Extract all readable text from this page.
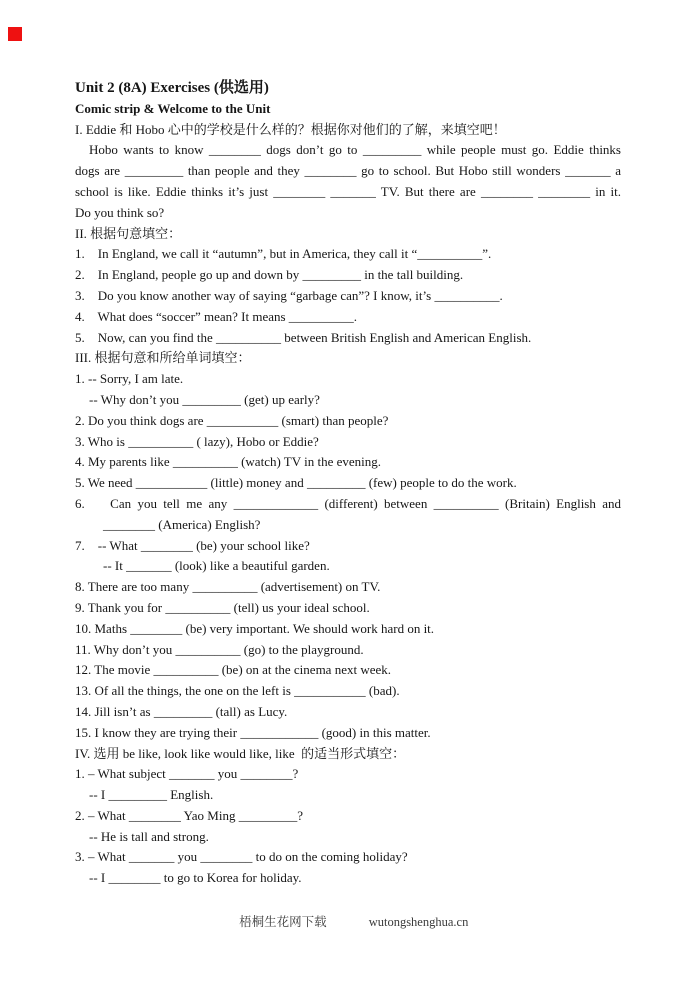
Unit 2 (8A) Exercises (供选用)
Comic strip & Welcome to the Unit
I. Eddie 和 Hobo 心中的学校是什么样的？根据你对他们的了解，来填空吧！
Hobo wants to know ________ dogs don’t go to _________ while people must go. Eddie thinks
dogs are _________ than people and they ________ go to school. But Hobo still wonders _______ a
school is like. Eddie thinks it’s just ________ _______ TV. But there are ________ ________ in it.
Do you think so?
II. 根据句意填空：
1.    In England, we call it “autumn”, but in America, they call it “__________”.
2.    In England, people go up and down by _________ in the tall building.
3.    Do you know another way of saying “garbage can”? I know, it’s __________.
4.    What does “soccer” mean? It means __________.
5.    Now, can you find the __________ between British English and American English.
III. 根据句意和所给单词填空：
1. -- Sorry, I am late.
-- Why don’t you _________ (get) up early?
2. Do you think dogs are ___________ (smart) than people?
3. Who is __________ ( lazy), Hobo or Eddie?
4. My parents like __________ (watch) TV in the evening.
5. We need ___________ (little) money and _________ (few) people to do the work.
6.    Can you tell me any _____________ (different) between __________ (Britain) English and
________ (America) English?
7.    -- What ________ (be) your school like?
-- It _______ (look) like a beautiful garden.
8. There are too many __________ (advertisement) on TV.
9. Thank you for __________ (tell) us your ideal school.
10. Maths ________ (be) very important. We should work hard on it.
11. Why don’t you __________ (go) to the playground.
12. The movie __________ (be) on at the cinema next week.
13. Of all the things, the one on the left is ___________ (bad).
14. Jill isn’t as _________ (tall) as Lucy.
15. I know they are trying their ____________ (good) in this matter.
IV. 选用 be like, look like would like, like  的适当形式填空：
1. – What subject _______ you ________?
-- I _________ English.
2. – What ________ Yao Ming _________?
-- He is tall and strong.
3. – What _______ you ________ to do on the coming holiday?
-- I ________ to go to Korea for holiday.

梧桐生花网下载	wutongshenghua.cn
